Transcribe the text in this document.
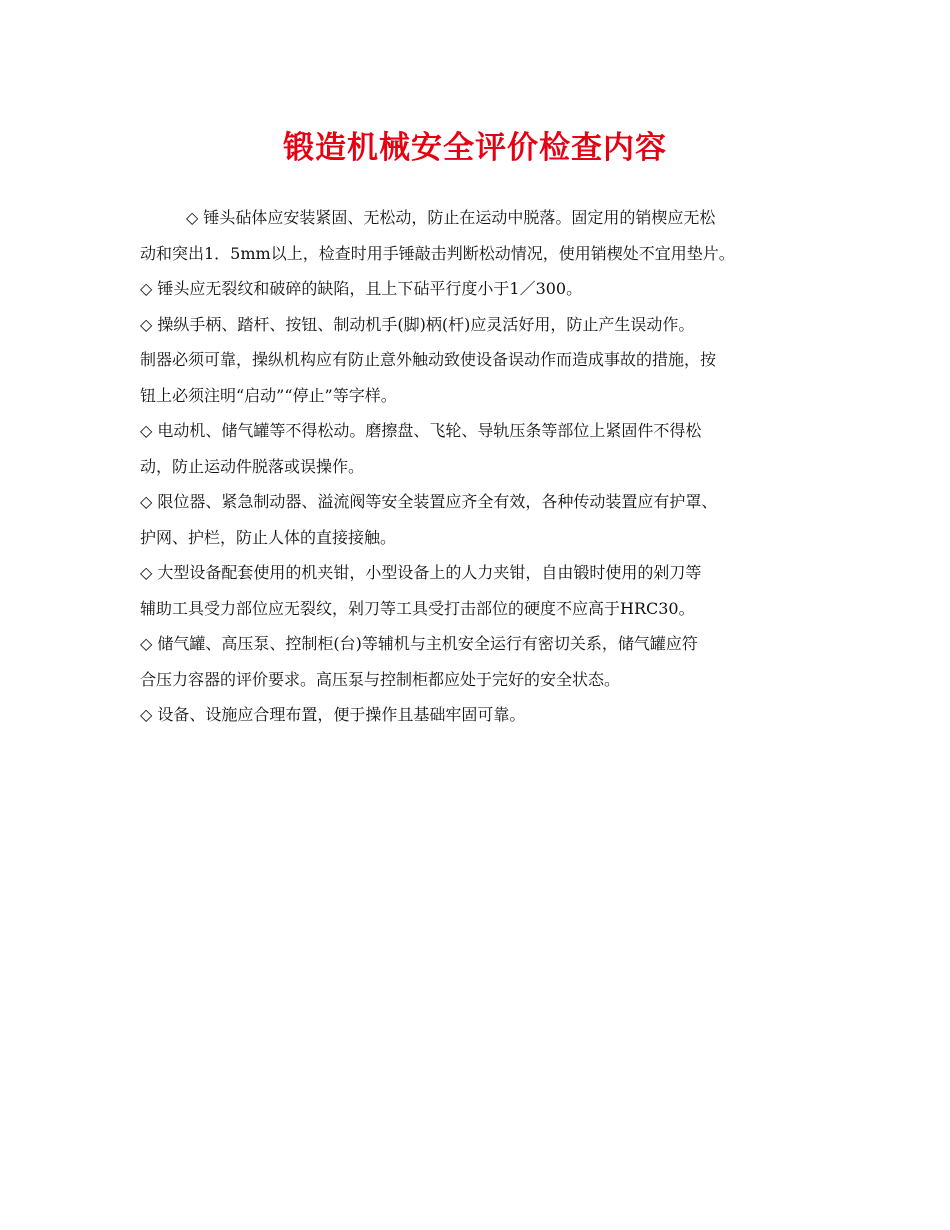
锻造机械安全评价检查内容
◇ 锤头砧体应安装紧固、无松动，防止在运动中脱落。固定用的销楔应无松
动和突出1．5mm以上，检查时用手锤敲击判断松动情况，使用销楔处不宜用垫片。
◇ 锤头应无裂纹和破碎的缺陷，且上下砧平行度小于1／300。
◇ 操纵手柄、踏杆、按钮、制动机手(脚)柄(杆)应灵活好用，防止产生误动作。
制器必须可靠，操纵机构应有防止意外触动致使设备误动作而造成事故的措施，按
钮上必须注明“启动”“停止”等字样。
◇ 电动机、储气罐等不得松动。磨擦盘、飞轮、导轨压条等部位上紧固件不得松
动，防止运动件脱落或误操作。
◇ 限位器、紧急制动器、溢流阀等安全装置应齐全有效，各种传动装置应有护罩、
护网、护栏，防止人体的直接接触。
◇ 大型设备配套使用的机夹钳，小型设备上的人力夹钳，自由锻时使用的剁刀等
辅助工具受力部位应无裂纹，剁刀等工具受打击部位的硬度不应高于HRC30。
◇ 储气罐、高压泵、控制柜(台)等辅机与主机安全运行有密切关系，储气罐应符
合压力容器的评价要求。高压泵与控制柜都应处于完好的安全状态。
◇ 设备、设施应合理布置，便于操作且基础牢固可靠。
